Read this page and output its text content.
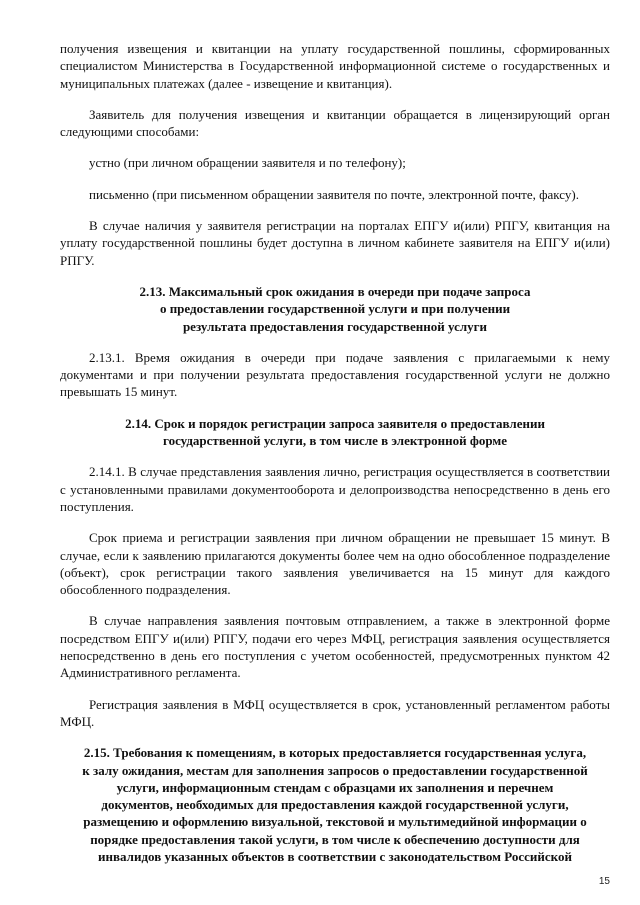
получения извещения и квитанции на уплату государственной пошлины, сформированных специалистом Министерства в Государственной информационной системе о государственных и муниципальных платежах (далее - извещение и квитанция).

Заявитель для получения извещения и квитанции обращается в лицензирующий орган следующими способами:

устно (при личном обращении заявителя и по телефону);

письменно (при письменном обращении заявителя по почте, электронной почте, факсу).

В случае наличия у заявителя регистрации на порталах ЕПГУ и(или) РПГУ, квитанция на уплату государственной пошлины будет доступна в личном кабинете заявителя на ЕПГУ и(или) РПГУ.

2.13. Максимальный срок ожидания в очереди при подаче запроса
о предоставлении государственной услуги и при получении
результата предоставления государственной услуги

2.13.1. Время ожидания в очереди при подаче заявления с прилагаемыми к нему документами и при получении результата предоставления государственной услуги не должно превышать 15 минут.

2.14. Срок и порядок регистрации запроса заявителя о предоставлении
государственной услуги, в том числе в электронной форме

2.14.1. В случае представления заявления лично, регистрация осуществляется в соответствии с установленными правилами документооборота и делопроизводства непосредственно в день его поступления.

Срок приема и регистрации заявления при личном обращении не превышает 15 минут. В случае, если к заявлению прилагаются документы более чем на одно обособленное подразделение (объект), срок регистрации такого заявления увеличивается на 15 минут для каждого обособленного подразделения.

В случае направления заявления почтовым отправлением, а также в электронной форме посредством ЕПГУ и(или) РПГУ, подачи его через МФЦ, регистрация заявления осуществляется непосредственно в день его поступления с учетом особенностей, предусмотренных пунктом 42 Административного регламента.

Регистрация заявления в МФЦ осуществляется в срок, установленный регламентом работы МФЦ.

2.15. Требования к помещениям, в которых предоставляется государственная услуга,
к залу ожидания, местам для заполнения запросов о предоставлении государственной
услуги, информационным стендам с образцами их заполнения и перечнем
документов, необходимых для предоставления каждой государственной услуги,
размещению и оформлению визуальной, текстовой и мультимедийной информации о
порядке предоставления такой услуги, в том числе к обеспечению доступности для
инвалидов указанных объектов в соответствии с законодательством Российской
15
